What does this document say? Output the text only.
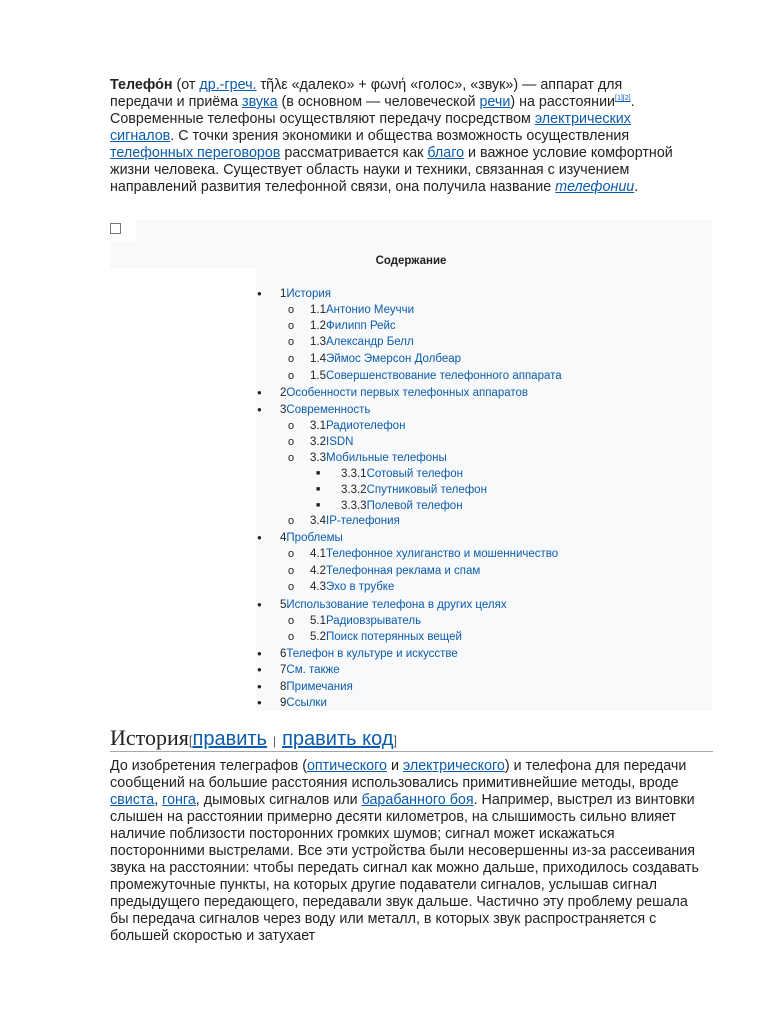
Телефо́н (от др.-греч. τῆλε «далеко» + φωνή «голос», «звук») — аппарат для передачи и приёма звука (в основном — человеческой речи) на расстоянии[1][2]. Современные телефоны осуществляют передачу посредством электрических сигналов. С точки зрения экономики и общества возможность осуществления телефонных переговоров рассматривается как благо и важное условие комфортной жизни человека. Существует область науки и техники, связанная с изучением направлений развития телефонной связи, она получила название телефонии.

Содержание
● 1История
o 1.1Антонио Меуччи
o 1.2Филипп Рейс
o 1.3Александр Белл
o 1.4Эймос Эмерсон Долбеар
o 1.5Совершенствование телефонного аппарата
● 2Особенности первых телефонных аппаратов
● 3Современность
o 3.1Радиотелефон
o 3.2ISDN
o 3.3Мобильные телефоны
■ 3.3.1Сотовый телефон
■ 3.3.2Спутниковый телефон
■ 3.3.3Полевой телефон
o 3.4IP-телефония
● 4Проблемы
o 4.1Телефонное хулиганство и мошенничество
o 4.2Телефонная реклама и спам
o 4.3Эхо в трубке
● 5Использование телефона в других целях
o 5.1Радиовзрыватель
o 5.2Поиск потерянных вещей
● 6Телефон в культуре и искусстве
● 7См. также
● 8Примечания
● 9Ссылки
История[править | править код]

До изобретения телеграфов (оптического и электрического) и телефона для передачи сообщений на большие расстояния использовались примитивнейшие методы, вроде свиста, гонга, дымовых сигналов или барабанного боя. Например, выстрел из винтовки слышен на расстоянии примерно десяти километров, на слышимость сильно влияет наличие поблизости посторонних громких шумов; сигнал может искажаться посторонними выстрелами. Все эти устройства были несовершенны из-за рассеивания звука на расстоянии: чтобы передать сигнал как можно дальше, приходилось создавать промежуточные пункты, на которых другие подаватели сигналов, услышав сигнал предыдущего передающего, передавали звук дальше. Частично эту проблему решала бы передача сигналов через воду или металл, в которых звук распространяется с большей скоростью и затухает
